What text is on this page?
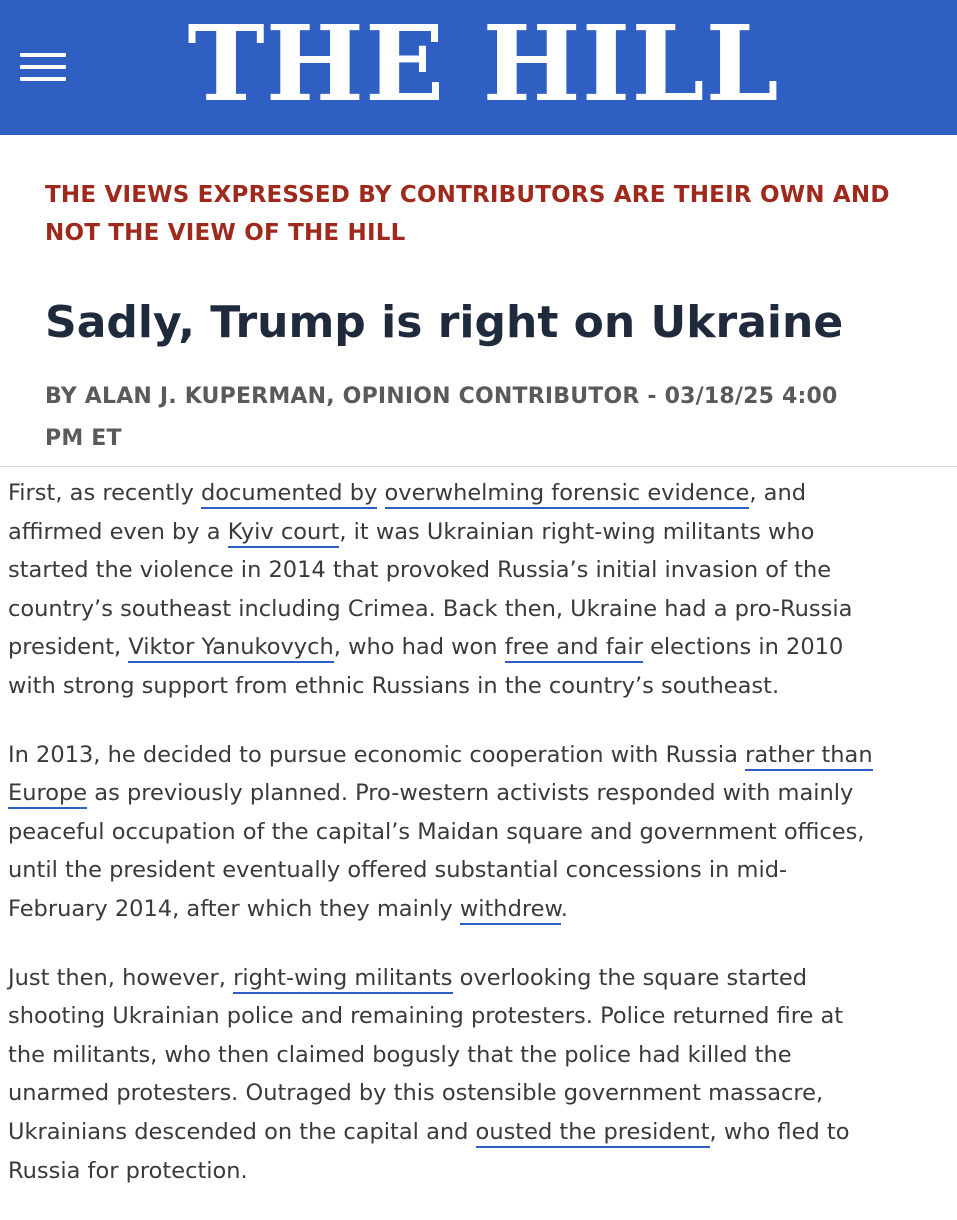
THE HILL
THE VIEWS EXPRESSED BY CONTRIBUTORS ARE THEIR OWN AND
NOT THE VIEW OF THE HILL
Sadly, Trump is right on Ukraine
BY ALAN J. KUPERMAN, OPINION CONTRIBUTOR - 03/18/25 4:00
PM ET

First, as recently documented by overwhelming forensic evidence, and
affirmed even by a Kyiv court, it was Ukrainian right-wing militants who
started the violence in 2014 that provoked Russia’s initial invasion of the
country’s southeast including Crimea. Back then, Ukraine had a pro-Russia
president, Viktor Yanukovych, who had won free and fair elections in 2010
with strong support from ethnic Russians in the country’s southeast.

In 2013, he decided to pursue economic cooperation with Russia rather than
Europe as previously planned. Pro-western activists responded with mainly
peaceful occupation of the capital’s Maidan square and government offices,
until the president eventually offered substantial concessions in mid-
February 2014, after which they mainly withdrew.

Just then, however, right-wing militants overlooking the square started
shooting Ukrainian police and remaining protesters. Police returned fire at
the militants, who then claimed bogusly that the police had killed the
unarmed protesters. Outraged by this ostensible government massacre,
Ukrainians descended on the capital and ousted the president, who fled to
Russia for protection.
